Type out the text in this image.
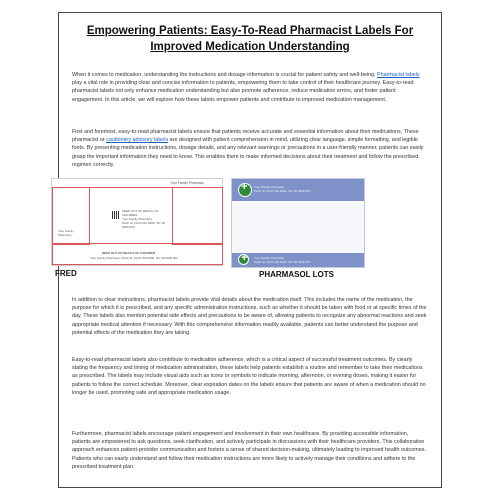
Empowering Patients: Easy-To-Read Pharmacist Labels For Improved Medication Understanding
When it comes to medication, understanding the instructions and dosage information is crucial for patient safety and well-being. Pharmacist labels play a vital role in providing clear and concise information to patients, empowering them to take control of their healthcare journey. Easy-to-read pharmacist labels not only enhance medication understanding but also promote adherence, reduce medication errors, and foster patient engagement. In this article, we will explore how these labels empower patients and contribute to improved medication management.
First and foremost, easy-to-read pharmacist labels ensure that patients receive accurate and essential information about their medications. These pharmacist or cautionary advisory labels are designed with patient comprehension in mind, utilizing clear language, simple formatting, and legible fonts. By presenting medication instructions, dosage details, and any relevant warnings or precautions in a user-friendly manner, patients can easily grasp the important information they need to know. This enables them to make informed decisions about their treatment and follow the prescribed regimen correctly.
Your Family Pharmacy
Your Family Pharmacy
KEEP OUT OF REACH OF CHILDREN
Your Family Pharmacy
Perth St, Perth WA 6000. Tel: 08 0000 000
KEEP OUT OF REACH OF CHILDREN
Your Family Pharmacy, Perth St, Perth WA 6000. Tel: 08 0000 000
FRED
+
Your Family Pharmacy
Perth St, Perth WA 6000. Tel: 08 0000 000
+
Your Family Pharmacy
Perth St, Perth WA 6000. Tel: 08 0000 000
PHARMASOL LOTS
In addition to clear instructions, pharmacist labels provide vital details about the medication itself. This includes the name of the medication, the purpose for which it is prescribed, and any specific administration instructions, such as whether it should be taken with food or at specific times of the day. These labels also mention potential side effects and precautions to be aware of, allowing patients to recognize any abnormal reactions and seek appropriate medical attention if necessary. With this comprehensive information readily available, patients can better understand the purpose and potential effects of the medication they are taking.
Easy-to-read pharmacist labels also contribute to medication adherence, which is a critical aspect of successful treatment outcomes. By clearly stating the frequency and timing of medication administration, these labels help patients establish a routine and remember to take their medications as prescribed. The labels may include visual aids such as icons or symbols to indicate morning, afternoon, or evening doses, making it easier for patients to follow the correct schedule. Moreover, clear expiration dates on the labels ensure that patients are aware of when a medication should no longer be used, promoting safe and appropriate medication usage.
Furthermore, pharmacist labels encourage patient engagement and involvement in their own healthcare. By providing accessible information, patients are empowered to ask questions, seek clarification, and actively participate in discussions with their healthcare providers. This collaborative approach enhances patient-provider communication and fosters a sense of shared decision-making, ultimately leading to improved health outcomes. Patients who can easily understand and follow their medication instructions are more likely to actively manage their conditions and adhere to the prescribed treatment plan.
